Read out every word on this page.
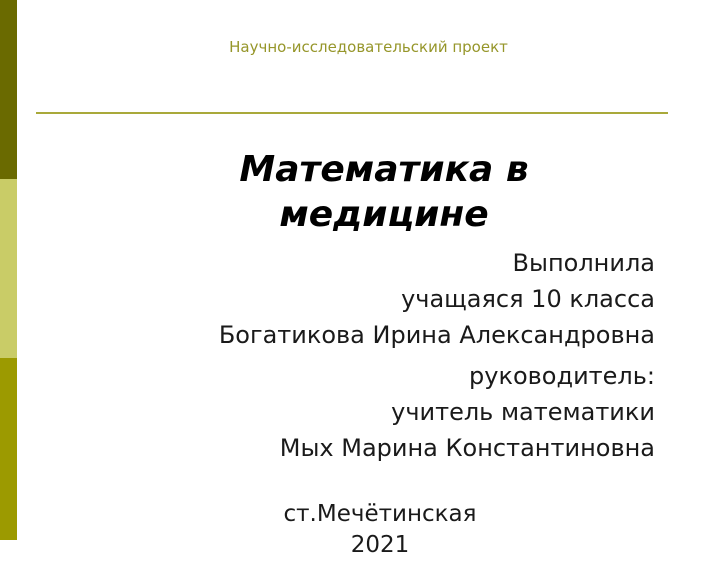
Научно-исследовательский проект
Математика в
медицине
Выполнила
учащаяся 10 класса
Богатикова Ирина Александровна
руководитель:
учитель математики
Мых Марина Константиновна
ст.Мечётинская
2021
